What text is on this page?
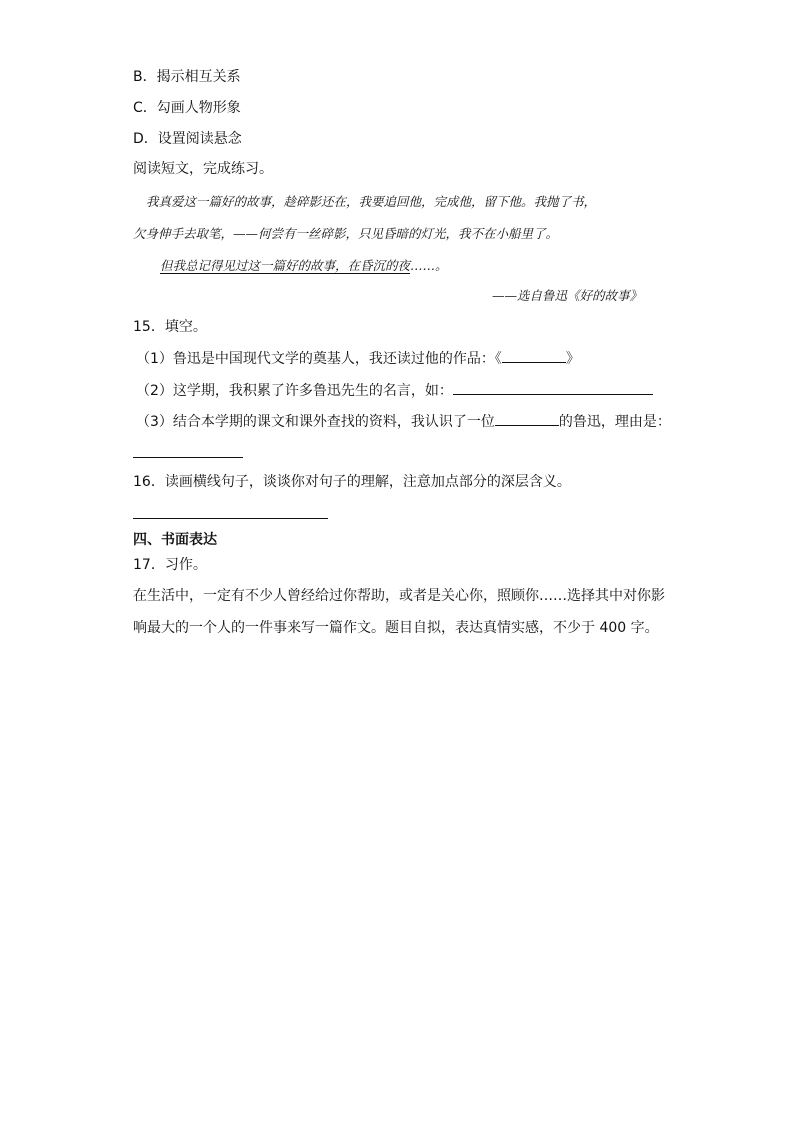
B．揭示相互关系
C．勾画人物形象
D．设置阅读悬念
阅读短文，完成练习。
我真爱这一篇好的故事，趁碎影还在，我要追回他，完成他，留下他。我抛了书，
欠身伸手去取笔，——何尝有一丝碎影，只见昏暗的灯光，我不在小船里了。
但我总记得见过这一篇好的故事，在昏沉的夜……。
——选自鲁迅《好的故事》
15．填空。
（1）鲁迅是中国现代文学的奠基人，我还读过他的作品：《	》
（2）这学期，我积累了许多鲁迅先生的名言，如：
（3）结合本学期的课文和课外查找的资料，我认识了一位	的鲁迅，理由是：
16．读画横线句子，谈谈你对句子的理解，注意加点部分的深层含义。
四、书面表达
17．习作。
在生活中，一定有不少人曾经给过你帮助，或者是关心你，照顾你……选择其中对你影
响最大的一个人的一件事来写一篇作文。题目自拟，表达真情实感，不少于 400 字。
